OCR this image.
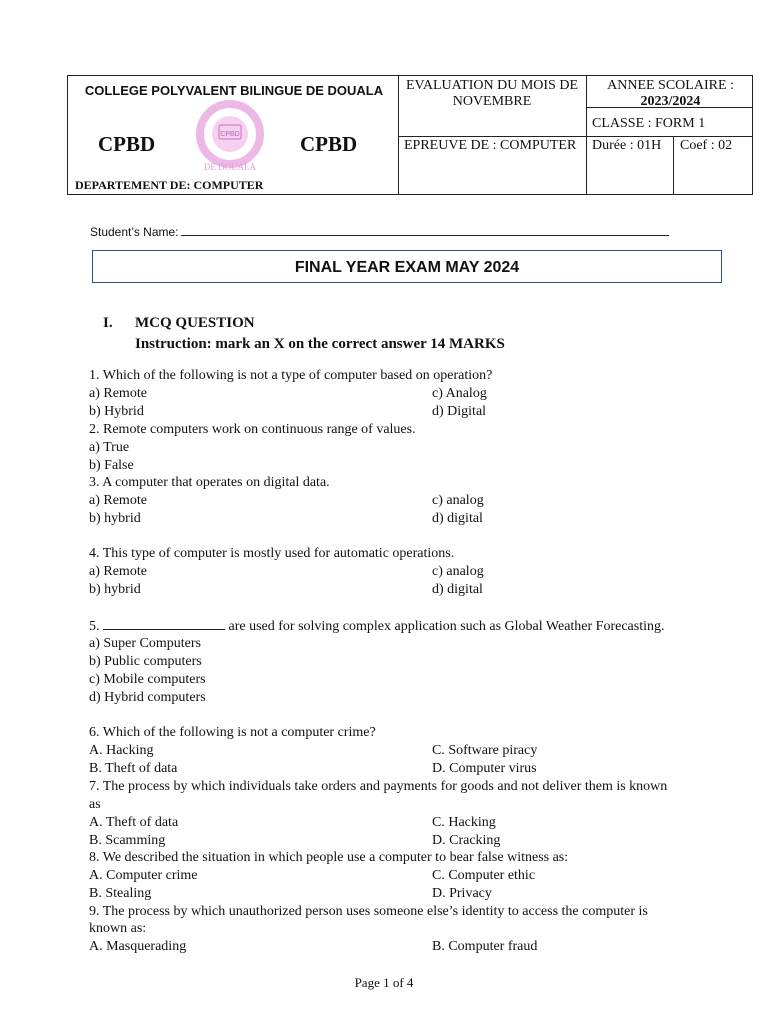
COLLEGE POLYVALENT BILINGUE DE DOUALA
CPBD
DE DOUALA
CPBD	CPBD
DEPARTEMENT DE: COMPUTER
EVALUATION DU MOIS DE NOVEMBRE
EPREUVE DE : COMPUTER
ANNEE SCOLAIRE :
2023/2024
CLASSE : FORM 1
Durée : 01H Coef : 02
Student’s Name:
FINAL YEAR EXAM MAY 2024
I. MCQ QUESTION
Instruction: mark an X on the correct answer 14 MARKS
1. Which of the following is not a type of computer based on operation?
a) Remote	c) Analog
b) Hybrid	d) Digital
2. Remote computers work on continuous range of values.
a) True
b) False
3. A computer that operates on digital data.
a) Remote	c) analog
b) hybrid	d) digital
4. This type of computer is mostly used for automatic operations.
a) Remote	c) analog
b) hybrid	d) digital
5.	are used for solving complex application such as Global Weather Forecasting.
a) Super Computers
b) Public computers
c) Mobile computers
d) Hybrid computers
6. Which of the following is not a computer crime?
A. Hacking	C. Software piracy
B. Theft of data	D. Computer virus
7. The process by which individuals take orders and payments for goods and not deliver them is known
as
A. Theft of data	C. Hacking
B. Scamming	D. Cracking
8. We described the situation in which people use a computer to bear false witness as:
A. Computer crime	C. Computer ethic
B. Stealing	D. Privacy
9. The process by which unauthorized person uses someone else’s identity to access the computer is
known as:
A. Masquerading	B. Computer fraud
Page 1 of 4
